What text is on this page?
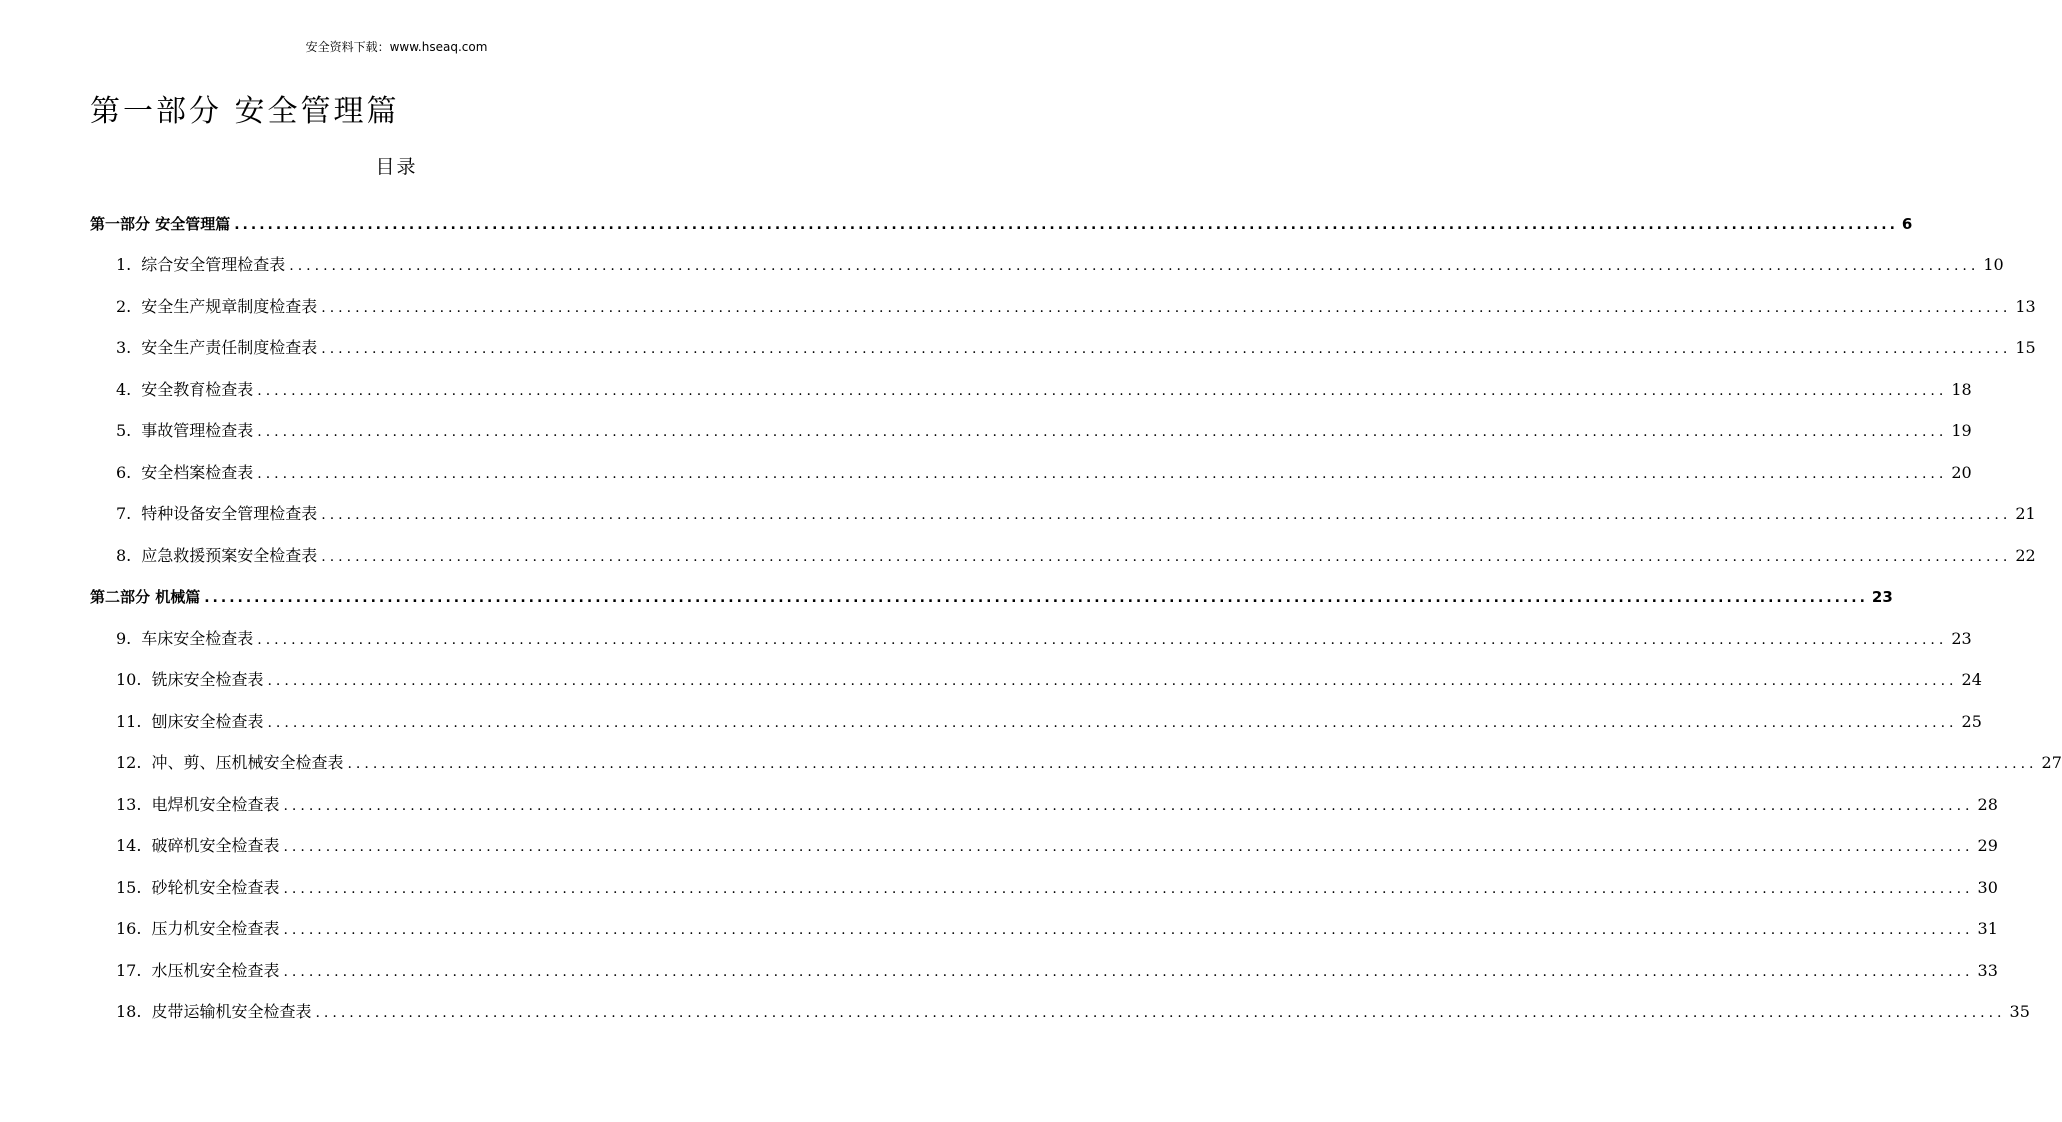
安全资料下载：www.hseaq.com
第一部分 安全管理篇
目录
第一部分 安全管理篇 ........................................................................................................................................................................................................ 6
1. 综合安全管理检查表 ........................................................................................................................................................................................................ 10
2. 安全生产规章制度检查表 ........................................................................................................................................................................................................ 13
3. 安全生产责任制度检查表 ........................................................................................................................................................................................................ 15
4. 安全教育检查表 ........................................................................................................................................................................................................ 18
5. 事故管理检查表 ........................................................................................................................................................................................................ 19
6. 安全档案检查表 ........................................................................................................................................................................................................ 20
7. 特种设备安全管理检查表 ........................................................................................................................................................................................................ 21
8. 应急救援预案安全检查表 ........................................................................................................................................................................................................ 22
第二部分 机械篇 ........................................................................................................................................................................................................ 23
9. 车床安全检查表 ........................................................................................................................................................................................................ 23
10. 铣床安全检查表 ........................................................................................................................................................................................................ 24
11. 刨床安全检查表 ........................................................................................................................................................................................................ 25
12. 冲、剪、压机械安全检查表 ........................................................................................................................................................................................................ 27
13. 电焊机安全检查表 ........................................................................................................................................................................................................ 28
14. 破碎机安全检查表 ........................................................................................................................................................................................................ 29
15. 砂轮机安全检查表 ........................................................................................................................................................................................................ 30
16. 压力机安全检查表 ........................................................................................................................................................................................................ 31
17. 水压机安全检查表 ........................................................................................................................................................................................................ 33
18. 皮带运输机安全检查表 ........................................................................................................................................................................................................ 35
